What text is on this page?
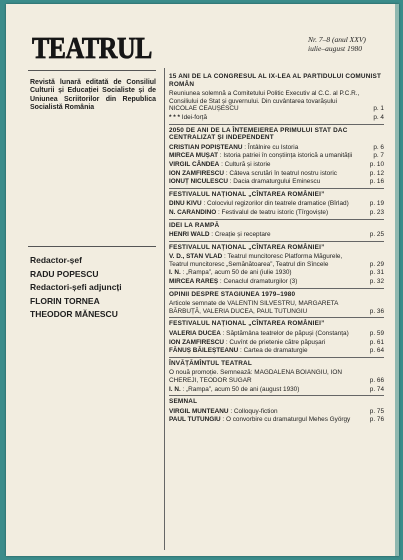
TEATRUL	Nr. 7–8 (anul XXV)
iulie–august 1980
Revistă lunară editată de Consiliul Culturii și Educației Socialiste și de Uniunea Scriitorilor din Republica Socialistă România
Redactor-șef
RADU POPESCU
Redactori-șefi adjuncți
FLORIN TORNEA
THEODOR MĂNESCU
15 ANI DE LA CONGRESUL AL IX-LEA AL PARTIDULUI COMUNIST ROMÂN
Reuniunea solemnă a Comitetului Politic Executiv al C.C. al P.C.R., Consiliului de Stat și guvernului. Din cuvântarea tovarășului NICOLAE CEAUȘESCU	p. 1
* * * Idei-forță	p. 4
2050 DE ANI DE LA ÎNTEMEIEREA PRIMULUI STAT DAC CENTRALIZAT ȘI INDEPENDENT
CRISTIAN POPIȘTEANU : Întâlnire cu Istoria	p. 6
MIRCEA MUȘAT : Istoria patriei în conștiința istorică a umanității	p. 7
VIRGIL CÂNDEA : Cultură și istorie	p. 10
ION ZAMFIRESCU : Câteva scrutări în teatrul nostru istoric	p. 12
IONUȚ NICULESCU : Dacia dramaturgului Eminescu	p. 16
FESTIVALUL NAȚIONAL „CÎNTAREA ROMÂNIEI”
DINU KIVU : Colocviul regizorilor din teatrele dramatice (Bîrlad)	p. 19
N. CARANDINO : Festivalul de teatru istoric (Tîrgoviște)	p. 23
IDEI LA RAMPĂ
HENRI WALD : Creație și receptare	p. 25
FESTIVALUL NAȚIONAL „CÎNTAREA ROMÂNIEI”
V. D., STAN VLAD : Teatrul muncitoresc Platforma Măgurele, Teatrul muncitoresc „Semănătoarea”, Teatrul din Sîncele	p. 29
I. N. : „Rampa”, acum 50 de ani (iulie 1930)	p. 31
MIRCEA RAREȘ : Cenaclul dramaturgilor (3)	p. 32
OPINII DESPRE STAGIUNEA 1979–1980
Articole semnate de VALENTIN SILVESTRU, MARGARETA BĂRBUȚĂ, VALERIA DUCEA, PAUL TUTUNGIU	p. 36
FESTIVALUL NAȚIONAL „CÎNTAREA ROMÂNIEI”
VALERIA DUCEA : Săptămâna teatrelor de păpuși (Constanța)	p. 59
ION ZAMFIRESCU : Cuvînt de prietenie către păpușari	p. 61
FĂNUȘ BĂILEȘTEANU : Cartea de dramaturgie	p. 64
ÎNVĂȚĂMÎNTUL TEATRAL
O nouă promoție. Semnează: MAGDALENA BOIANGIU, ION CHEREJI, TEODOR SUGAR	p. 66
I. N. : „Rampa”, acum 50 de ani (august 1930)	p. 74
SEMNAL
VIRGIL MUNTEANU : Colloquy-fiction	p. 75
PAUL TUTUNGIU : O convorbire cu dramaturgul Mehes György	p. 76
